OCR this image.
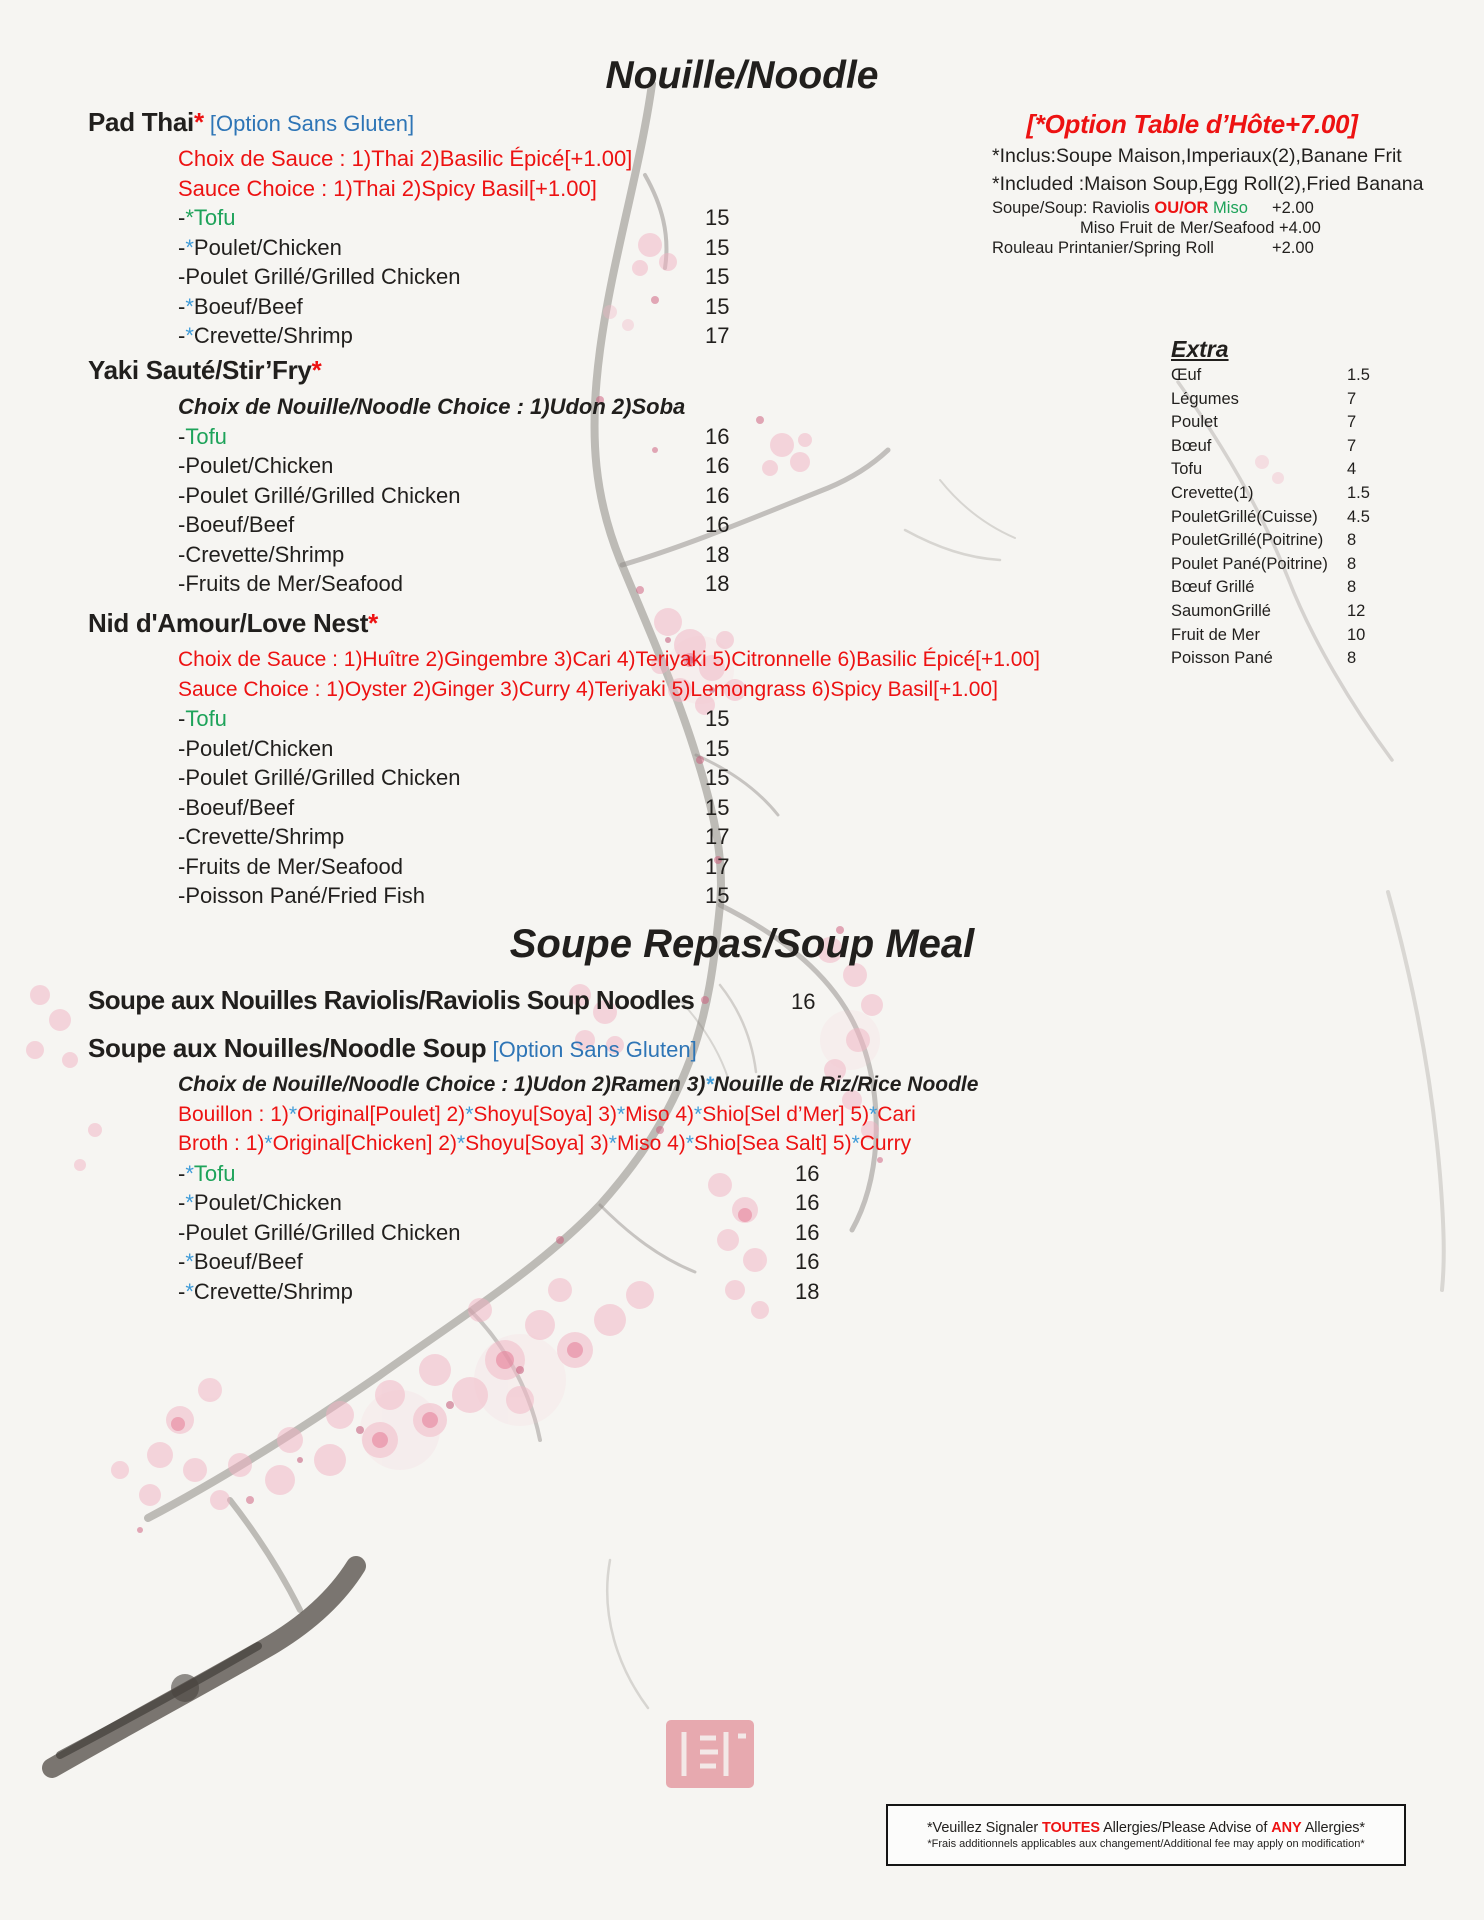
Nouille/Noodle
Pad Thai* [Option Sans Gluten]
Choix de Sauce : 1)Thai 2)Basilic Épicé[+1.00]
Sauce Choice : 1)Thai 2)Spicy Basil[+1.00]
-*Tofu	15
-*Poulet/Chicken	15
-Poulet Grillé/Grilled Chicken	15
-*Boeuf/Beef	15
-*Crevette/Shrimp	17
Yaki Sauté/Stir’Fry*
Choix de Nouille/Noodle Choice : 1)Udon 2)Soba
-Tofu	16
-Poulet/Chicken	16
-Poulet Grillé/Grilled Chicken	16
-Boeuf/Beef	16
-Crevette/Shrimp	18
-Fruits de Mer/Seafood	18
Nid d'Amour/Love Nest*
Choix de Sauce : 1)Huître 2)Gingembre 3)Cari 4)Teriyaki 5)Citronnelle 6)Basilic Épicé[+1.00]
Sauce Choice : 1)Oyster 2)Ginger 3)Curry 4)Teriyaki 5)Lemongrass 6)Spicy Basil[+1.00]
-Tofu	15
-Poulet/Chicken	15
-Poulet Grillé/Grilled Chicken	15
-Boeuf/Beef	15
-Crevette/Shrimp	17
-Fruits de Mer/Seafood	17
-Poisson Pané/Fried Fish	15
Soupe Repas/Soup Meal
Soupe aux Nouilles Raviolis/Raviolis Soup Noodles	16
Soupe aux Nouilles/Noodle Soup [Option Sans Gluten]
Choix de Nouille/Noodle Choice : 1)Udon 2)Ramen 3)*Nouille de Riz/Rice Noodle
Bouillon : 1)*Original[Poulet] 2)*Shoyu[Soya] 3)*Miso 4)*Shio[Sel d’Mer] 5)*Cari
Broth : 1)*Original[Chicken] 2)*Shoyu[Soya] 3)*Miso 4)*Shio[Sea Salt] 5)*Curry
-*Tofu	16
-*Poulet/Chicken	16
-Poulet Grillé/Grilled Chicken	16
-*Boeuf/Beef	16
-*Crevette/Shrimp	18
[*Option Table d’Hôte+7.00]
*Inclus:Soupe Maison,Imperiaux(2),Banane Frit
*Included :Maison Soup,Egg Roll(2),Fried Banana
Soupe/Soup: Raviolis OU/OR Miso +2.00
Miso Fruit de Mer/Seafood +4.00
Rouleau Printanier/Spring Roll	+2.00
Extra
Œuf	1.5
Légumes	7
Poulet	7
Bœuf	7
Tofu	4
Crevette(1)	1.5
PouletGrillé(Cuisse) 4.5
PouletGrillé(Poitrine) 8
Poulet Pané(Poitrine) 8
Bœuf Grillé	8
SaumonGrillé	12
Fruit de Mer	10
Poisson Pané	8
*Veuillez Signaler TOUTES Allergies/Please Advise of ANY Allergies*
*Frais additionnels applicables aux changement/Additional fee may apply on modification*
